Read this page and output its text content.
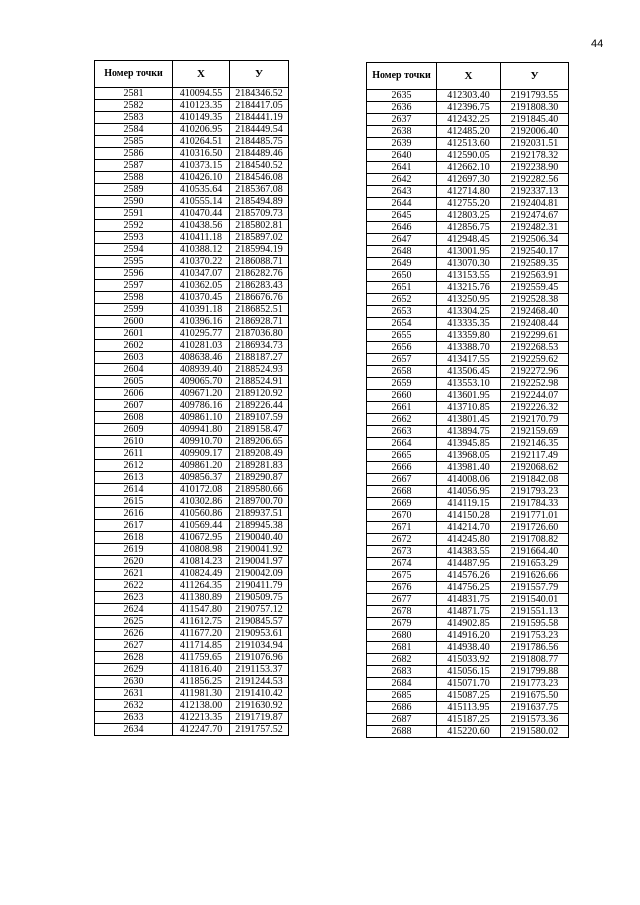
44
Номер точки	X	У
2581	410094.55	2184346.52
2582	410123.35	2184417.05
2583	410149.35	2184441.19
2584	410206.95	2184449.54
2585	410264.51	2184485.75
2586	410316.50	2184489.46
2587	410373.15	2184540.52
2588	410426.10	2184546.08
2589	410535.64	2185367.08
2590	410555.14	2185494.89
2591	410470.44	2185709.73
2592	410438.56	2185802.81
2593	410411.18	2185897.02
2594	410388.12	2185994.19
2595	410370.22	2186088.71
2596	410347.07	2186282.76
2597	410362.05	2186283.43
2598	410370.45	2186676.76
2599	410391.18	2186852.51
2600	410396.16	2186928.71
2601	410295.77	2187036.80
2602	410281.03	2186934.73
2603	408638.46	2188187.27
2604	408939.40	2188524.93
2605	409065.70	2188524.91
2606	409671.20	2189120.92
2607	409786.16	2189226.44
2608	409861.10	2189107.59
2609	409941.80	2189158.47
2610	409910.70	2189206.65
2611	409909.17	2189208.49
2612	409861.20	2189281.83
2613	409856.37	2189290.87
2614	410172.08	2189580.66
2615	410302.86	2189700.70
2616	410560.86	2189937.51
2617	410569.44	2189945.38
2618	410672.95	2190040.40
2619	410808.98	2190041.92
2620	410814.23	2190041.97
2621	410824.49	2190042.09
2622	411264.35	2190411.79
2623	411380.89	2190509.75
2624	411547.80	2190757.12
2625	411612.75	2190845.57
2626	411677.20	2190953.61
2627	411714.85	2191034.94
2628	411759.65	2191076.96
2629	411816.40	2191153.37
2630	411856.25	2191244.53
2631	411981.30	2191410.42
2632	412138.00	2191630.92
2633	412213.35	2191719.87
2634	412247.70	2191757.52
Номер точки	X	У
2635	412303.40	2191793.55
2636	412396.75	2191808.30
2637	412432.25	2191845.40
2638	412485.20	2192006.40
2639	412513.60	2192031.51
2640	412590.05	2192178.32
2641	412662.10	2192238.90
2642	412697.30	2192282.56
2643	412714.80	2192337.13
2644	412755.20	2192404.81
2645	412803.25	2192474.67
2646	412856.75	2192482.31
2647	412948.45	2192506.34
2648	413001.95	2192540.17
2649	413070.30	2192589.35
2650	413153.55	2192563.91
2651	413215.76	2192559.45
2652	413250.95	2192528.38
2653	413304.25	2192468.40
2654	413335.35	2192408.44
2655	413359.80	2192299.61
2656	413388.70	2192268.53
2657	413417.55	2192259.62
2658	413506.45	2192272.96
2659	413553.10	2192252.98
2660	413601.95	2192244.07
2661	413710.85	2192226.32
2662	413801.45	2192170.79
2663	413894.75	2192159.69
2664	413945.85	2192146.35
2665	413968.05	2192117.49
2666	413981.40	2192068.62
2667	414008.06	2191842.08
2668	414056.95	2191793.23
2669	414119.15	2191784.33
2670	414150.28	2191771.01
2671	414214.70	2191726.60
2672	414245.80	2191708.82
2673	414383.55	2191664.40
2674	414487.95	2191653.29
2675	414576.26	2191626.66
2676	414756.25	2191557.79
2677	414831.75	2191540.01
2678	414871.75	2191551.13
2679	414902.85	2191595.58
2680	414916.20	2191753.23
2681	414938.40	2191786.56
2682	415033.92	2191808.77
2683	415056.15	2191799.88
2684	415071.70	2191773.23
2685	415087.25	2191675.50
2686	415113.95	2191637.75
2687	415187.25	2191573.36
2688	415220.60	2191580.02
